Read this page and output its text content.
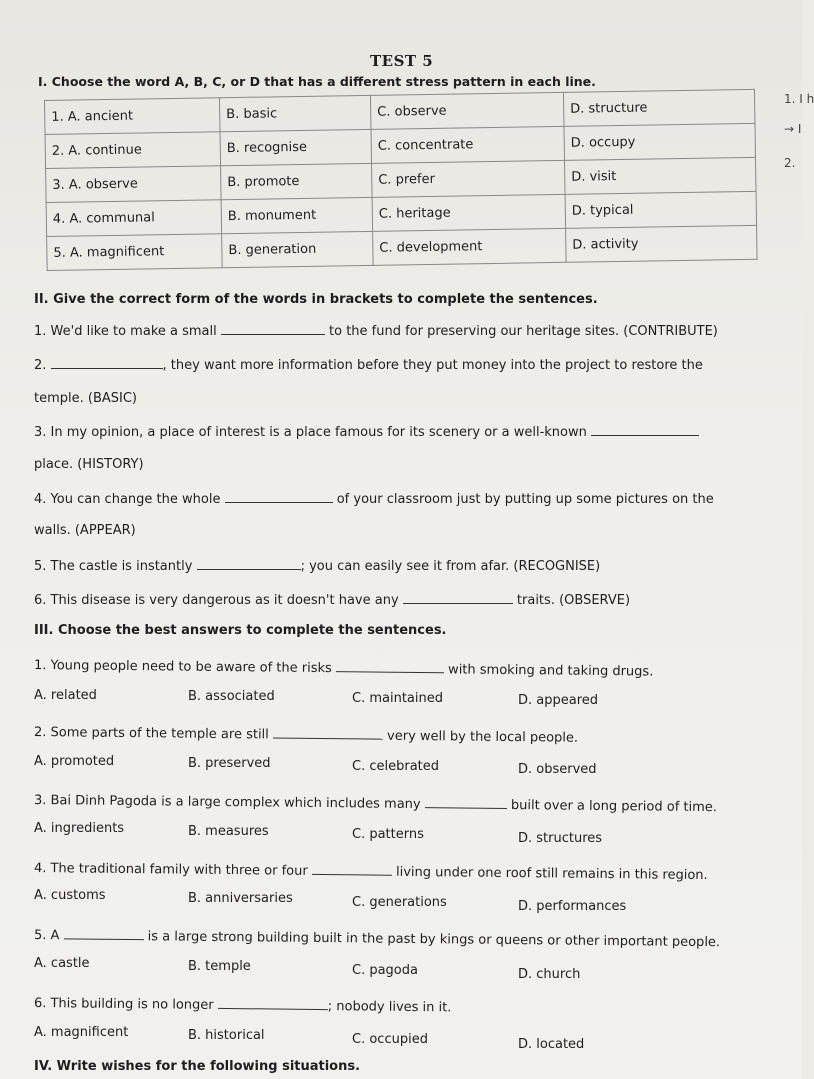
TEST 5
I. Choose the word A, B, C, or D that has a different stress pattern in each line.
1. I h
→ I
2.
1. A. ancient	B. basic	C. observe	D. structure
2. A. continue	B. recognise	C. concentrate	D. occupy
3. A. observe	B. promote	C. prefer	D. visit
4. A. communal	B. monument	C. heritage	D. typical
5. A. magnificent	B. generation	C. development	D. activity
II. Give the correct form of the words in brackets to complete the sentences.
1. We'd like to make a small	to the fund for preserving our heritage sites. (CONTRIBUTE)
2.	, they want more information before they put money into the project to restore the
temple. (BASIC)
3. In my opinion, a place of interest is a place famous for its scenery or a well-known
place. (HISTORY)
4. You can change the whole	of your classroom just by putting up some pictures on the
walls. (APPEAR)
5. The castle is instantly	; you can easily see it from afar. (RECOGNISE)
6. This disease is very dangerous as it doesn't have any	traits. (OBSERVE)
III. Choose the best answers to complete the sentences.
1. Young people need to be aware of the risks	with smoking and taking drugs.
A. related	B. associated	C. maintained	D. appeared
2. Some parts of the temple are still	very well by the local people.
A. promoted	B. preserved	C. celebrated	D. observed
3. Bai Dinh Pagoda is a large complex which includes many	built over a long period of time.
A. ingredients	B. measures	C. patterns	D. structures
4. The traditional family with three or four	living under one roof still remains in this region.
A. customs	B. anniversaries	C. generations	D. performances
5. A	is a large strong building built in the past by kings or queens or other important people.
A. castle	B. temple	C. pagoda	D. church
6. This building is no longer	; nobody lives in it.
A. magnificent	B. historical	C. occupied	D. located
IV. Write wishes for the following situations.
